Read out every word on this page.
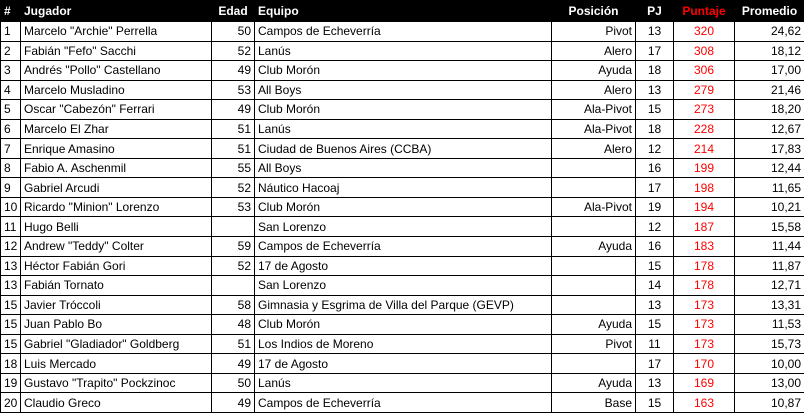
#	Jugador	Edad	Equipo	Posición	PJ	Puntaje	Promedio
1	Marcelo "Archie" Perrella	50	Campos de Echeverría	Pivot	13	320	24,62
2	Fabián "Fefo" Sacchi	52	Lanús	Alero	17	308	18,12
3	Andrés "Pollo" Castellano	49	Club Morón	Ayuda	18	306	17,00
4	Marcelo Musladino	53	All Boys	Alero	13	279	21,46
5	Oscar "Cabezón" Ferrari	49	Club Morón	Ala-Pivot	15	273	18,20
6	Marcelo El Zhar	51	Lanús	Ala-Pivot	18	228	12,67
7	Enrique Amasino	51	Ciudad de Buenos Aires (CCBA)	Alero	12	214	17,83
8	Fabio A. Aschenmil	55	All Boys		16	199	12,44
9	Gabriel Arcudi	52	Náutico Hacoaj		17	198	11,65
10	Ricardo "Minion" Lorenzo	53	Club Morón	Ala-Pivot	19	194	10,21
11	Hugo Belli		San Lorenzo		12	187	15,58
12	Andrew "Teddy" Colter	59	Campos de Echeverría	Ayuda	16	183	11,44
13	Héctor Fabián Gori	52	17 de Agosto		15	178	11,87
13	Fabián Tornato		San Lorenzo		14	178	12,71
15	Javier Tróccoli	58	Gimnasia y Esgrima de Villa del Parque (GEVP)		13	173	13,31
15	Juan Pablo Bo	48	Club Morón	Ayuda	15	173	11,53
15	Gabriel "Gladiador" Goldberg	51	Los Indios de Moreno	Pivot	11	173	15,73
18	Luis Mercado	49	17 de Agosto		17	170	10,00
19	Gustavo "Trapito" Pockzinoc	50	Lanús	Ayuda	13	169	13,00
20	Claudio Greco	49	Campos de Echeverría	Base	15	163	10,87
